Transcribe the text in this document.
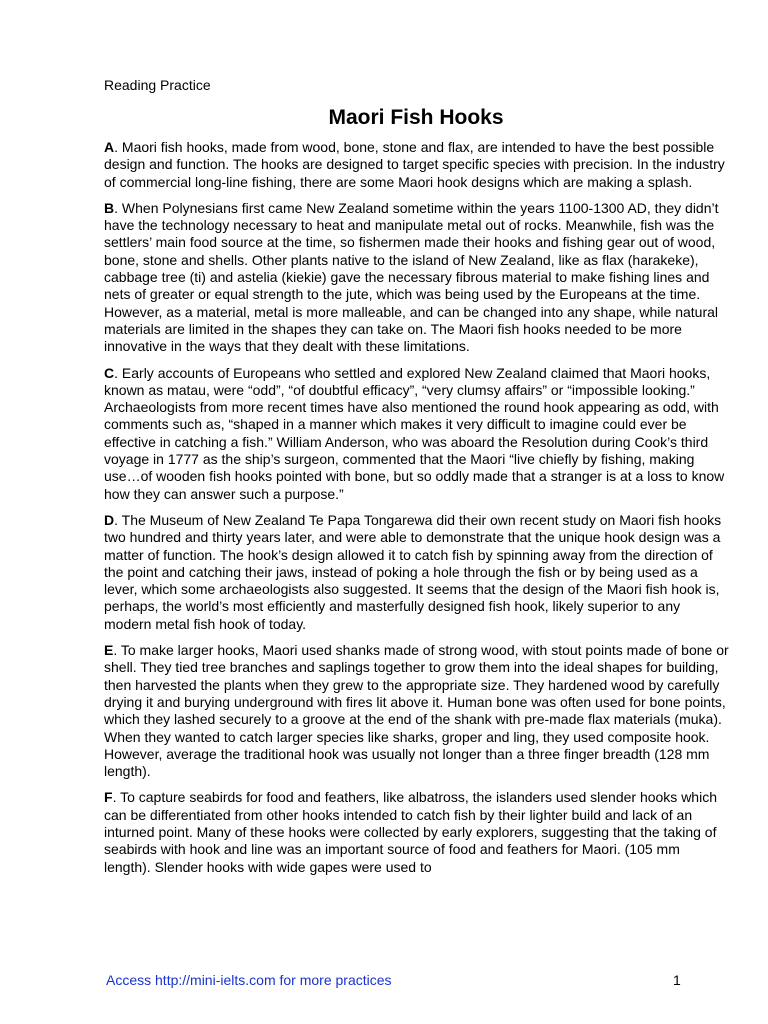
Reading Practice
Maori Fish Hooks

A. Maori fish hooks, made from wood, bone, stone and flax, are intended to have the best possible design and function. The hooks are designed to target specific species with precision. In the industry of commercial long-line fishing, there are some Maori hook designs which are making a splash.

B. When Polynesians first came New Zealand sometime within the years 1100-1300 AD, they didn’t have the technology necessary to heat and manipulate metal out of rocks. Meanwhile, fish was the settlers’ main food source at the time, so fishermen made their hooks and fishing gear out of wood, bone, stone and shells. Other plants native to the island of New Zealand, like as flax (harakeke), cabbage tree (ti) and astelia (kiekie) gave the necessary fibrous material to make fishing lines and nets of greater or equal strength to the jute, which was being used by the Europeans at the time. However, as a material, metal is more malleable, and can be changed into any shape, while natural materials are limited in the shapes they can take on. The Maori fish hooks needed to be more innovative in the ways that they dealt with these limitations.

C. Early accounts of Europeans who settled and explored New Zealand claimed that Maori hooks, known as matau, were “odd”, “of doubtful efficacy”, “very clumsy affairs” or “impossible looking.” Archaeologists from more recent times have also mentioned the round hook appearing as odd, with comments such as, “shaped in a manner which makes it very difficult to imagine could ever be effective in catching a fish.” William Anderson, who was aboard the Resolution during Cook’s third voyage in 1777 as the ship’s surgeon, commented that the Maori “live chiefly by fishing, making use…of wooden fish hooks pointed with bone, but so oddly made that a stranger is at a loss to know how they can answer such a purpose.”

D. The Museum of New Zealand Te Papa Tongarewa did their own recent study on Maori fish hooks two hundred and thirty years later, and were able to demonstrate that the unique hook design was a matter of function. The hook’s design allowed it to catch fish by spinning away from the direction of the point and catching their jaws, instead of poking a hole through the fish or by being used as a lever, which some archaeologists also suggested. It seems that the design of the Maori fish hook is, perhaps, the world’s most efficiently and masterfully designed fish hook, likely superior to any modern metal fish hook of today.

E. To make larger hooks, Maori used shanks made of strong wood, with stout points made of bone or shell. They tied tree branches and saplings together to grow them into the ideal shapes for building, then harvested the plants when they grew to the appropriate size. They hardened wood by carefully drying it and burying underground with fires lit above it. Human bone was often used for bone points, which they lashed securely to a groove at the end of the shank with pre-made flax materials (muka). When they wanted to catch larger species like sharks, groper and ling, they used composite hook. However, average the traditional hook was usually not longer than a three finger breadth (128 mm length).

F. To capture seabirds for food and feathers, like albatross, the islanders used slender hooks which can be differentiated from other hooks intended to catch fish by their lighter build and lack of an inturned point. Many of these hooks were collected by early explorers, suggesting that the taking of seabirds with hook and line was an important source of food and feathers for Maori. (105 mm length). Slender hooks with wide gapes were used to

Access http://mini-ielts.com for more practices	1
